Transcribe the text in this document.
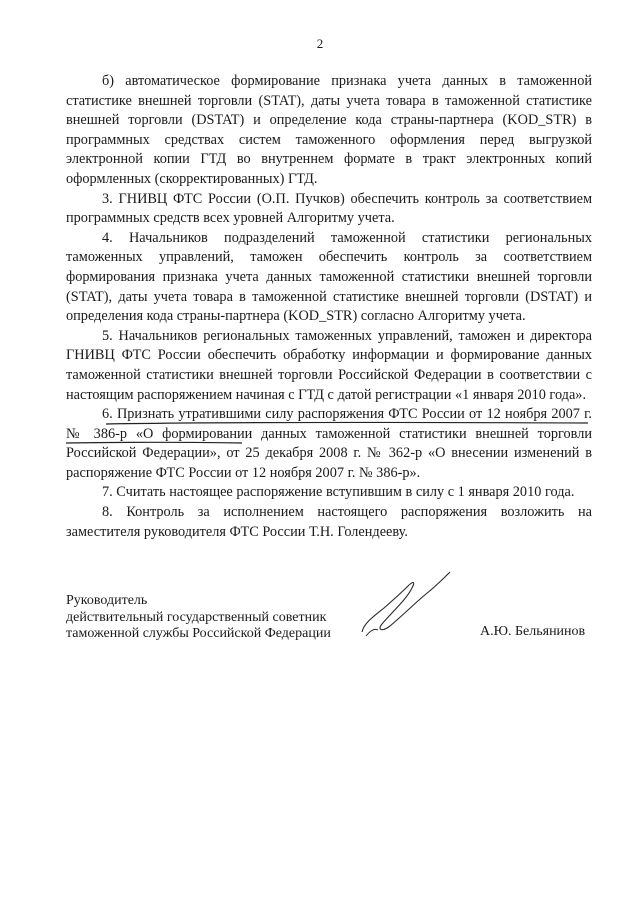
2

б) автоматическое формирование признака учета данных в таможенной статистике внешней торговли (STAT), даты учета товара в таможенной статистике внешней торговли (DSTAT) и определение кода страны-партнера (KOD_STR) в программных средствах систем таможенного оформления перед выгрузкой электронной копии ГТД во внутреннем формате в тракт электронных копий оформленных (скорректированных) ГТД.

3. ГНИВЦ ФТС России (О.П. Пучков) обеспечить контроль за соответствием программных средств всех уровней Алгоритму учета.

4. Начальников подразделений таможенной статистики региональных таможенных управлений, таможен обеспечить контроль за соответствием формирования признака учета данных таможенной статистики внешней торговли (STAT), даты учета товара в таможенной статистике внешней торговли (DSTAT) и определения кода страны-партнера (KOD_STR) согласно Алгоритму учета.

5. Начальников региональных таможенных управлений, таможен и директора ГНИВЦ ФТС России обеспечить обработку информации и формирование данных таможенной статистики внешней торговли Российской Федерации в соответствии с настоящим распоряжением начиная с ГТД с датой регистрации «1 января 2010 года».

6. Признать утратившими силу распоряжения ФТС России от 12 ноября 2007 г. № 386-р «О формировании данных таможенной статистики внешней торговли Российской Федерации», от 25 декабря 2008 г. № 362-р «О внесении изменений в распоряжение ФТС России от 12 ноября 2007 г. № 386-р».

7. Считать настоящее распоряжение вступившим в силу с 1 января 2010 года.

8. Контроль за исполнением настоящего распоряжения возложить на заместителя руководителя ФТС России Т.Н. Голендееву.

Руководитель
действительный государственный советник
таможенной службы Российской Федерации	А.Ю. Бельянинов
